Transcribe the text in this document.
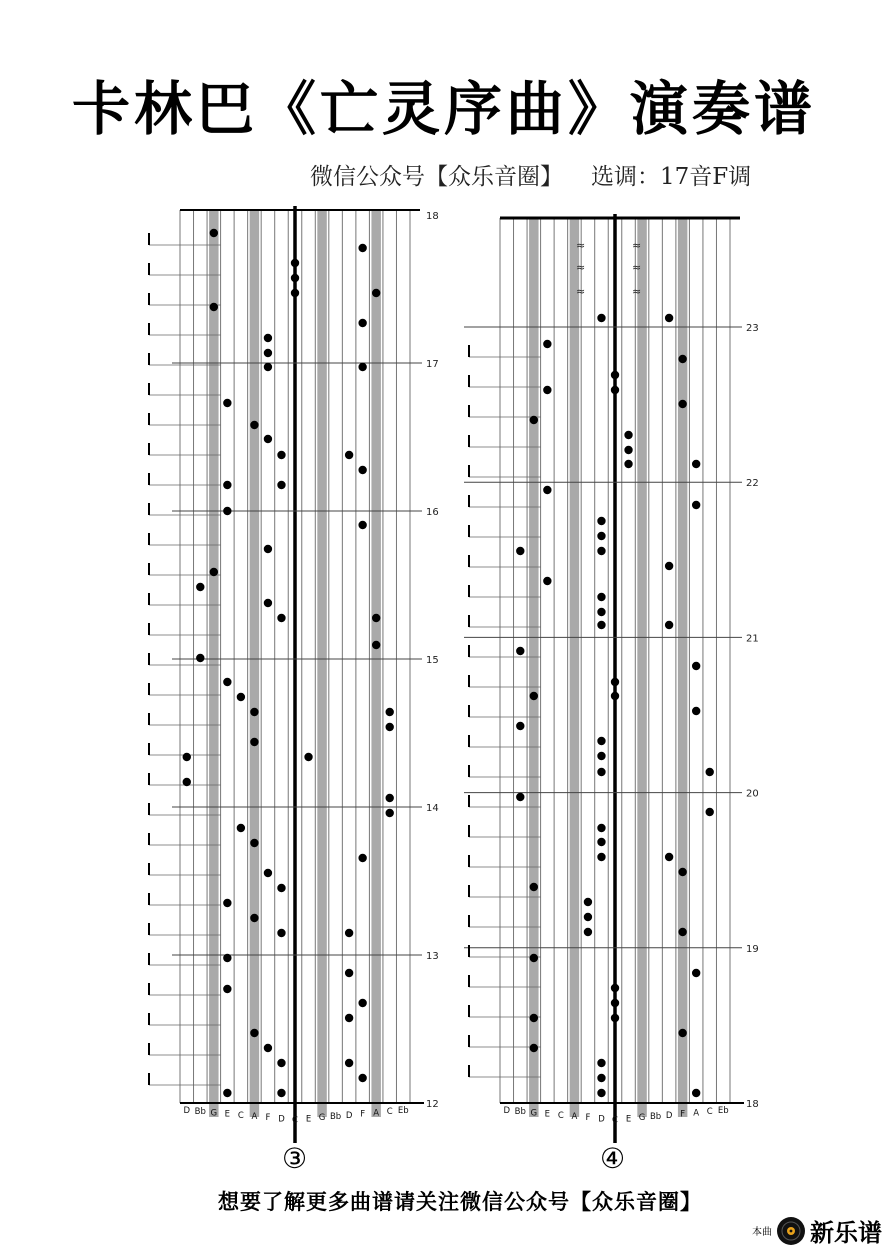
卡林巴《亡灵序曲》演奏谱
微信公众号【众乐音圈】 选调：17音F调
18
17
16
15
14
13
12
D Bb G E C A F D C E G Bb D F A C Eb
③
23
22
21
20
19
18
D Bb G E C A F D C E G Bb D F A C Eb
≈
≈
≈
≈
≈
≈
④
想要了解更多曲谱请关注微信公众号【众乐音圈】
本曲 新乐谱
